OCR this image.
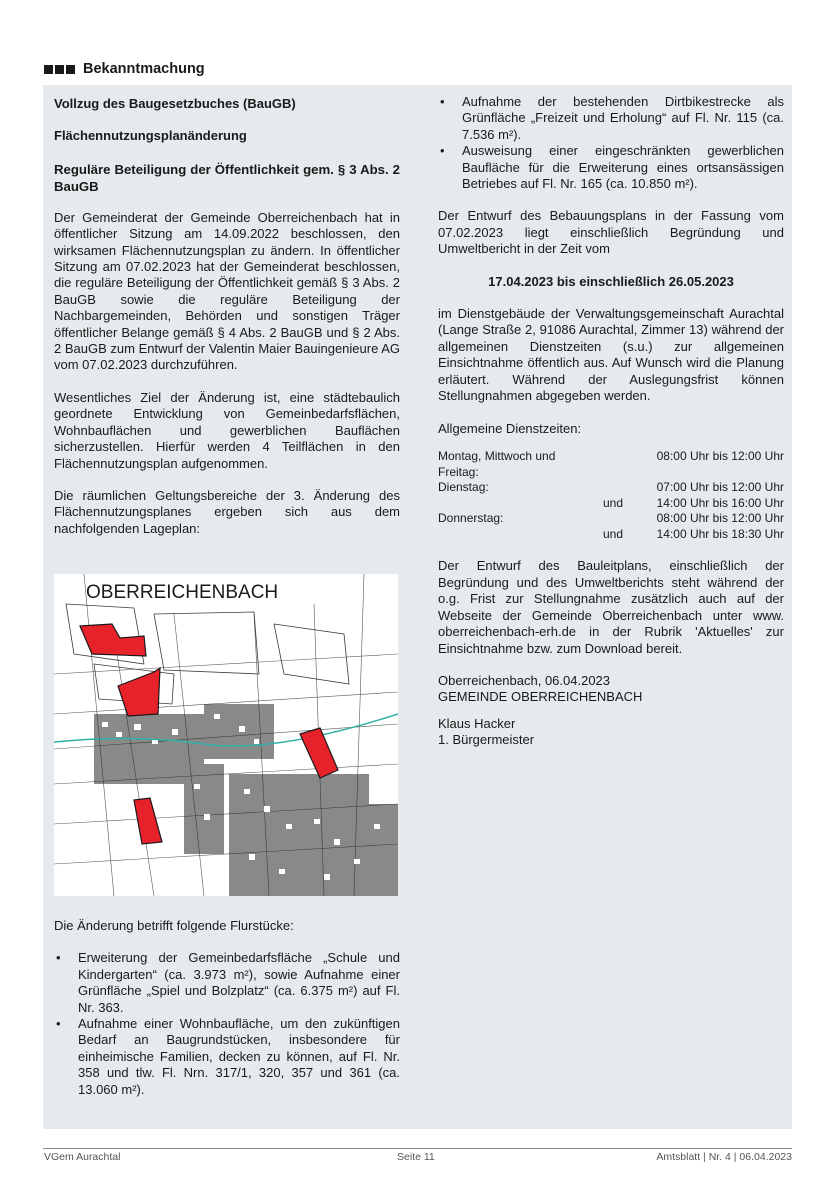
Bekanntmachung
Vollzug des Baugesetzbuches (BauGB)
Flächennutzungsplanänderung

Reguläre Beteiligung der Öffentlichkeit gem. § 3 Abs. 2 BauGB

Der Gemeinderat der Gemeinde Oberreichenbach hat in öffentlicher Sitzung am 14.09.2022 beschlossen, den wirksamen Flächennutzungsplan zu ändern. In öffentlicher Sitzung am 07.02.2023 hat der Gemeinderat beschlossen, die reguläre Beteiligung der Öffentlichkeit gemäß § 3 Abs. 2 BauGB sowie die reguläre Beteiligung der Nachbargemeinden, Behörden und sonstigen Träger öffentlicher Belange gemäß § 4 Abs. 2 BauGB und § 2 Abs. 2 BauGB zum Entwurf der Valentin Maier Bauingenieure AG vom 07.02.2023 durchzuführen.

Wesentliches Ziel der Änderung ist, eine städtebaulich geordnete Entwicklung von Gemeinbedarfsflächen, Wohnbauflächen und gewerblichen Bauflächen sicherzustellen. Hierfür werden 4 Teilflächen in den Flächennutzungsplan aufgenommen.

Die räumlichen Geltungsbereiche der 3. Änderung des Flächennutzungsplanes ergeben sich aus dem nachfolgenden Lageplan:

OBERREICHENBACH

Die Änderung betrifft folgende Flurstücke:

• Erweiterung der Gemeinbedarfsfläche „Schule und Kindergarten“ (ca. 3.973 m²), sowie Aufnahme einer Grünfläche „Spiel und Bolzplatz“ (ca. 6.375 m²) auf Fl. Nr. 363.
• Aufnahme einer Wohnbaufläche, um den zukünftigen Bedarf an Baugrundstücken, insbesondere für einheimische Familien, decken zu können, auf Fl. Nr. 358 und tlw. Fl. Nrn. 317/1, 320, 357 und 361 (ca. 13.060 m²).
• Aufnahme der bestehenden Dirtbikestrecke als Grünfläche „Freizeit und Erholung“ auf Fl. Nr. 115 (ca. 7.536 m²).
• Ausweisung einer eingeschränkten gewerblichen Baufläche für die Erweiterung eines ortsansässigen Betriebes auf Fl. Nr. 165 (ca. 10.850 m²).

Der Entwurf des Bebauungsplans in der Fassung vom 07.02.2023 liegt einschließlich Begründung und Umweltbericht in der Zeit vom

17.04.2023 bis einschließlich 26.05.2023

im Dienstgebäude der Verwaltungsgemeinschaft Aurachtal (Lange Straße 2, 91086 Aurachtal, Zimmer 13) während der allgemeinen Dienstzeiten (s.u.) zur allgemeinen Einsichtnahme öffentlich aus. Auf Wunsch wird die Planung erläutert. Während der Auslegungsfrist können Stellungnahmen abgegeben werden.

Allgemeine Dienstzeiten:

Montag, Mittwoch und Freitag:		08:00 Uhr bis 12:00 Uhr
Dienstag:		07:00 Uhr bis 12:00 Uhr
	und	14:00 Uhr bis 16:00 Uhr
Donnerstag:		08:00 Uhr bis 12:00 Uhr
	und	14:00 Uhr bis 18:30 Uhr

Der Entwurf des Bauleitplans, einschließlich der Begründung und des Umweltberichts steht während der o.g. Frist zur Stellungnahme zusätzlich auch auf der Webseite der Gemeinde Oberreichenbach unter www. oberreichenbach-erh.de in der Rubrik 'Aktuelles' zur Einsichtnahme bzw. zum Download bereit.

Oberreichenbach, 06.04.2023

GEMEINDE OBERREICHENBACH

Klaus Hacker

1. Bürgermeister

VGem Aurachtal	Seite 11	Amtsblatt | Nr. 4 | 06.04.2023
